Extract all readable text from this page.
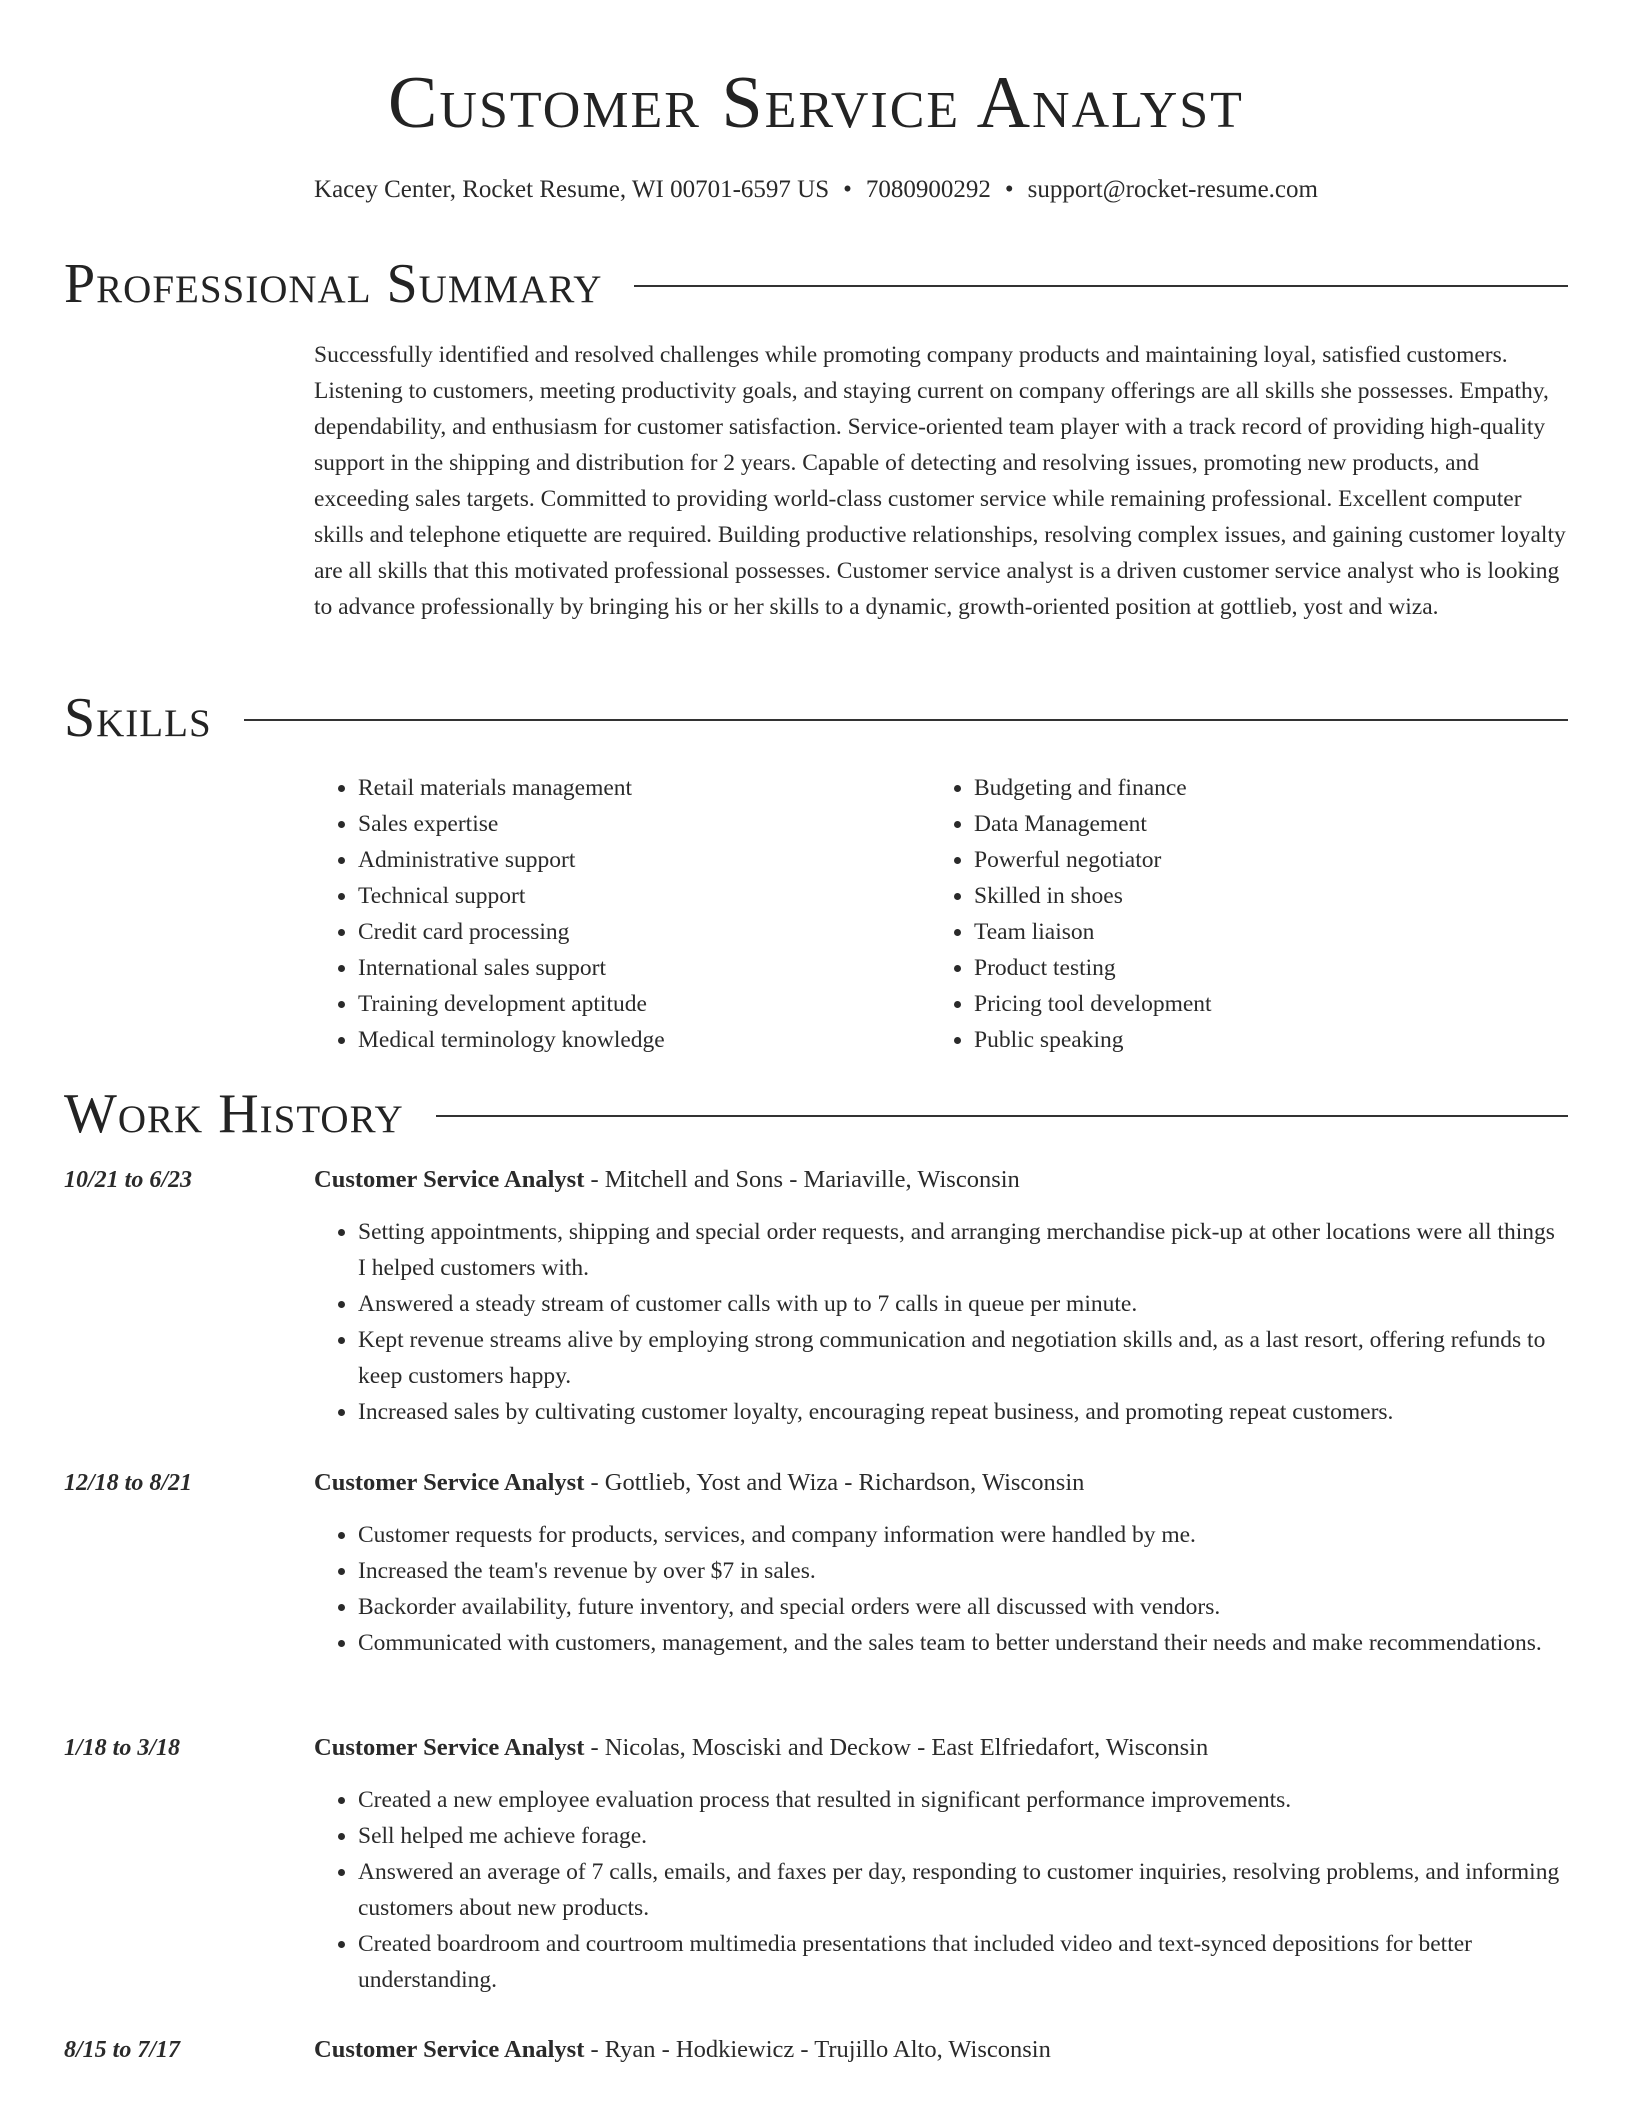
Customer Service Analyst
Kacey Center, Rocket Resume, WI 00701-6597 US • 7080900292 • support@rocket-resume.com
Professional Summary

Successfully identified and resolved challenges while promoting company products and maintaining loyal, satisfied customers. Listening to customers, meeting productivity goals, and staying current on company offerings are all skills she possesses. Empathy, dependability, and enthusiasm for customer satisfaction. Service-oriented team player with a track record of providing high-quality support in the shipping and distribution for 2 years. Capable of detecting and resolving issues, promoting new products, and exceeding sales targets. Committed to providing world-class customer service while remaining professional. Excellent computer skills and telephone etiquette are required. Building productive relationships, resolving complex issues, and gaining customer loyalty are all skills that this motivated professional possesses. Customer service analyst is a driven customer service analyst who is looking to advance professionally by bringing his or her skills to a dynamic, growth-oriented position at gottlieb, yost and wiza.

Skills
• Retail materials management
• Sales expertise
• Administrative support
• Technical support
• Credit card processing
• International sales support
• Training development aptitude
• Medical terminology knowledge
• Budgeting and finance
• Data Management
• Powerful negotiator
• Skilled in shoes
• Team liaison
• Product testing
• Pricing tool development
• Public speaking
Work History
10/21 to 6/23	Customer Service Analyst - Mitchell and Sons - Mariaville, Wisconsin
• Setting appointments, shipping and special order requests, and arranging merchandise pick-up at other locations were all things I helped customers with.
• Answered a steady stream of customer calls with up to 7 calls in queue per minute.
• Kept revenue streams alive by employing strong communication and negotiation skills and, as a last resort, offering refunds to keep customers happy.
• Increased sales by cultivating customer loyalty, encouraging repeat business, and promoting repeat customers.
12/18 to 8/21	Customer Service Analyst - Gottlieb, Yost and Wiza - Richardson, Wisconsin
• Customer requests for products, services, and company information were handled by me.
• Increased the team's revenue by over $7 in sales.
• Backorder availability, future inventory, and special orders were all discussed with vendors.
• Communicated with customers, management, and the sales team to better understand their needs and make recommendations.
1/18 to 3/18	Customer Service Analyst - Nicolas, Mosciski and Deckow - East Elfriedafort, Wisconsin
• Created a new employee evaluation process that resulted in significant performance improvements.
• Sell helped me achieve forage.
• Answered an average of 7 calls, emails, and faxes per day, responding to customer inquiries, resolving problems, and informing customers about new products.
• Created boardroom and courtroom multimedia presentations that included video and text-synced depositions for better understanding.
8/15 to 7/17	Customer Service Analyst - Ryan - Hodkiewicz - Trujillo Alto, Wisconsin
